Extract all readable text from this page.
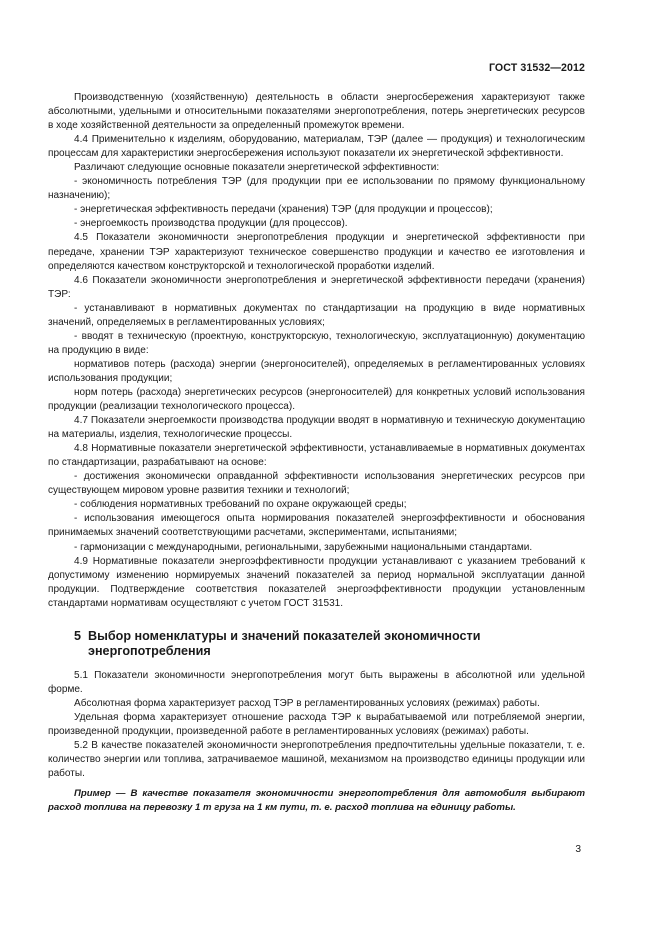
ГОСТ 31532—2012

Производственную (хозяйственную) деятельность в области энергосбережения характеризуют также абсолютными, удельными и относительными показателями энергопотребления, потерь энергетических ресурсов в ходе хозяйственной деятельности за определенный промежуток времени.

4.4 Применительно к изделиям, оборудованию, материалам, ТЭР (далее — продукция) и технологическим процессам для характеристики энергосбережения используют показатели их энергетической эффективности.

Различают следующие основные показатели энергетической эффективности:

- экономичность потребления ТЭР (для продукции при ее использовании по прямому функциональному назначению);

- энергетическая эффективность передачи (хранения) ТЭР (для продукции и процессов);

- энергоемкость производства продукции (для процессов).

4.5 Показатели экономичности энергопотребления продукции и энергетической эффективности при передаче, хранении ТЭР характеризуют техническое совершенство продукции и качество ее изготовления и определяются качеством конструкторской и технологической проработки изделий.

4.6 Показатели экономичности энергопотребления и энергетической эффективности передачи (хранения) ТЭР:

- устанавливают в нормативных документах по стандартизации на продукцию в виде нормативных значений, определяемых в регламентированных условиях;

- вводят в техническую (проектную, конструкторскую, технологическую, эксплуатационную) документацию на продукцию в виде:

нормативов потерь (расхода) энергии (энергоносителей), определяемых в регламентированных условиях использования продукции;

норм потерь (расхода) энергетических ресурсов (энергоносителей) для конкретных условий использования продукции (реализации технологического процесса).

4.7 Показатели энергоемкости производства продукции вводят в нормативную и техническую документацию на материалы, изделия, технологические процессы.

4.8 Нормативные показатели энергетической эффективности, устанавливаемые в нормативных документах по стандартизации, разрабатывают на основе:

- достижения экономически оправданной эффективности использования энергетических ресурсов при существующем мировом уровне развития техники и технологий;

- соблюдения нормативных требований по охране окружающей среды;

- использования имеющегося опыта нормирования показателей энергоэффективности и обоснования принимаемых значений соответствующими расчетами, экспериментами, испытаниями;

- гармонизации с международными, региональными, зарубежными национальными стандартами.

4.9 Нормативные показатели энергоэффективности продукции устанавливают с указанием требований к допустимому изменению нормируемых значений показателей за период нормальной эксплуатации данной продукции. Подтверждение соответствия показателей энергоэффективности продукции установленным стандартами нормативам осуществляют с учетом ГОСТ 31531.

5 Выбор номенклатуры и значений показателей экономичности
энергопотребления

5.1 Показатели экономичности энергопотребления могут быть выражены в абсолютной или удельной форме.

Абсолютная форма характеризует расход ТЭР в регламентированных условиях (режимах) работы.

Удельная форма характеризует отношение расхода ТЭР к вырабатываемой или потребляемой энергии, произведенной продукции, произведенной работе в регламентированных условиях (режимах) работы.

5.2 В качестве показателей экономичности энергопотребления предпочтительны удельные показатели, т. е. количество энергии или топлива, затрачиваемое машиной, механизмом на производство единицы продукции или работы.

Пример — В качестве показателя экономичности энергопотребления для автомобиля выбирают расход топлива на перевозку 1 т груза на 1 км пути, т. е. расход топлива на единицу работы.

3
